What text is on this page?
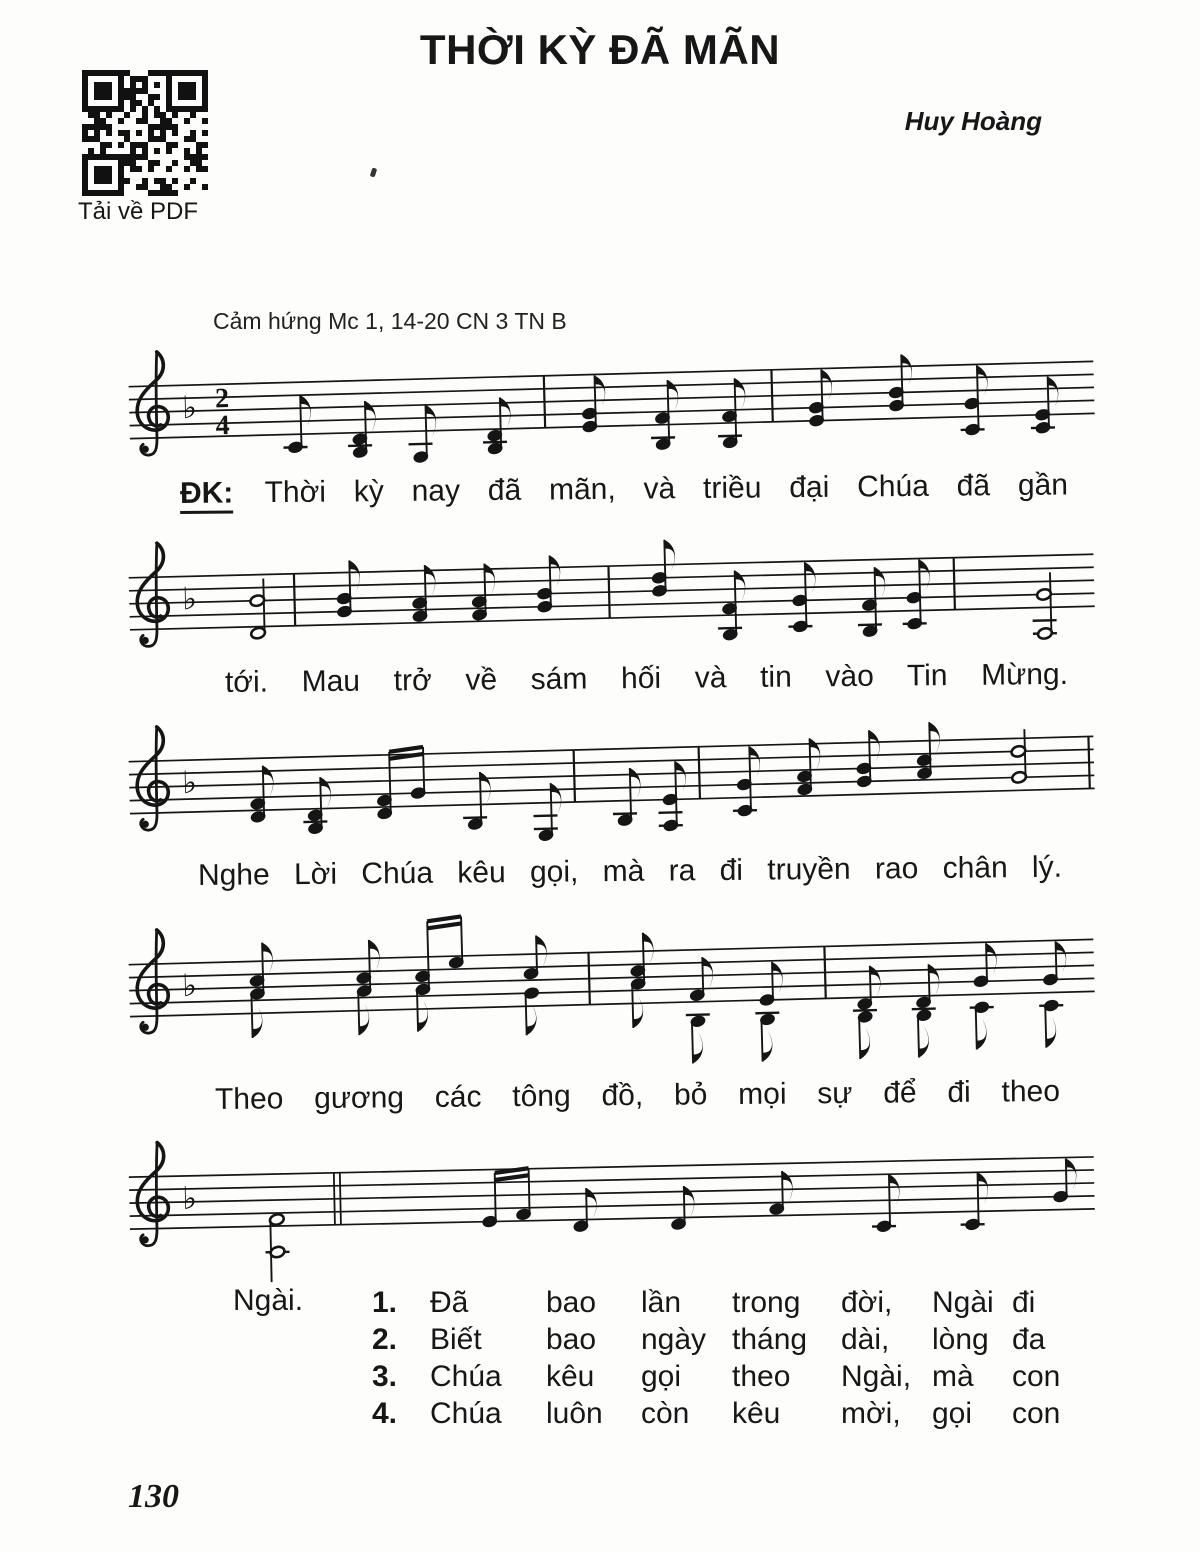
THỜI KỲ ĐÃ MÃN
Tải về PDF
Huy Hoàng
Cảm hứng Mc 1, 14-20 CN 3 TN B
♭ 2
4
ĐK: Thời kỳ nay đã mãn, và triều đại Chúa đã gần
♭
tới. Mau trở về sám hối và tin vào Tin Mừng.
♭
Nghe Lời Chúa kêu gọi, mà ra đi truyền rao chân lý.
♭
Theo gương các tông đồ, bỏ mọi sự để đi theo
♭
Ngài. 1.	Đã	bao	lần	trong	đời,	Ngài đi
2.	Biết	bao	ngày tháng	dài,	lòng đa
3.	Chúa	kêu	gọi	theo	Ngài, mà	con
4.	Chúa	luôn	còn	kêu	mời,	gọi	con
130
